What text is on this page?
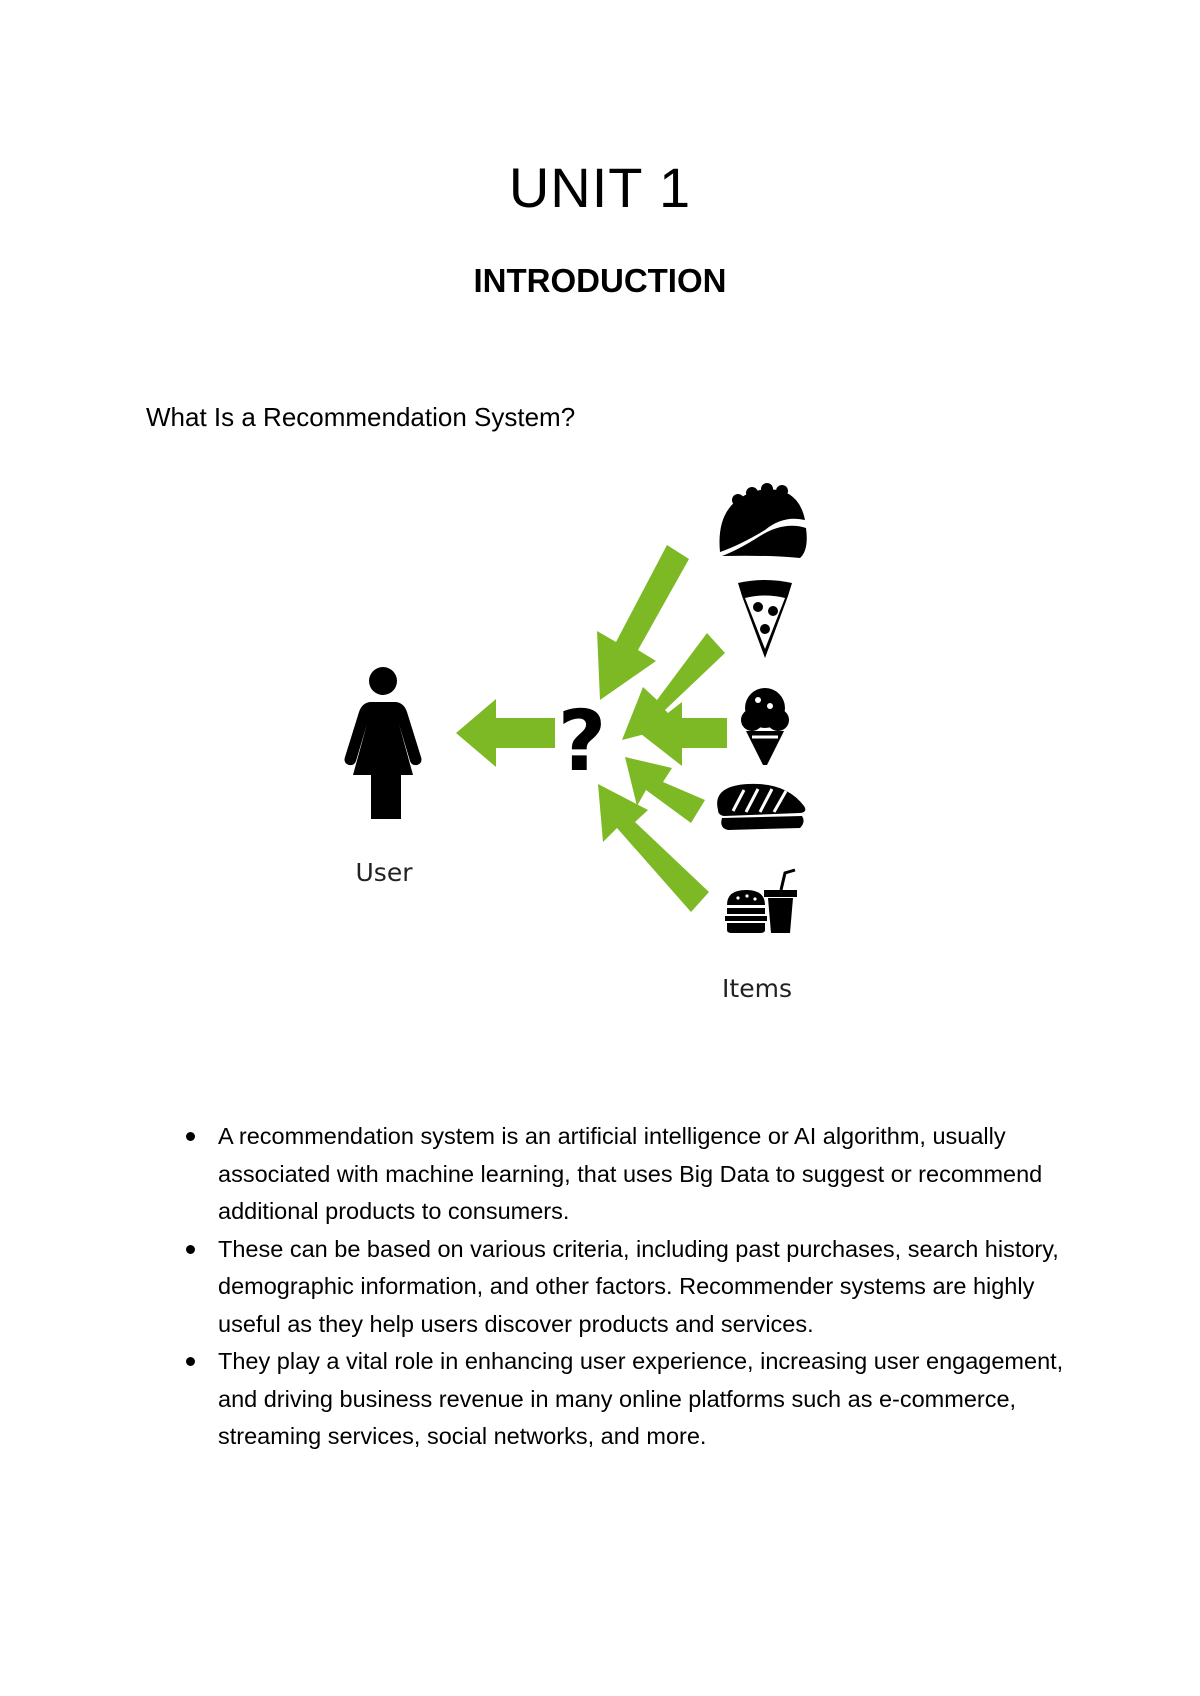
UNIT 1
INTRODUCTION
What Is a Recommendation System?
?
User
Items
A recommendation system is an artificial intelligence or AI algorithm, usually associated with machine learning, that uses Big Data to suggest or recommend additional products to consumers.
These can be based on various criteria, including past purchases, search history, demographic information, and other factors. Recommender systems are highly useful as they help users discover products and services.
They play a vital role in enhancing user experience, increasing user engagement, and driving business revenue in many online platforms such as e-commerce, streaming services, social networks, and more.
